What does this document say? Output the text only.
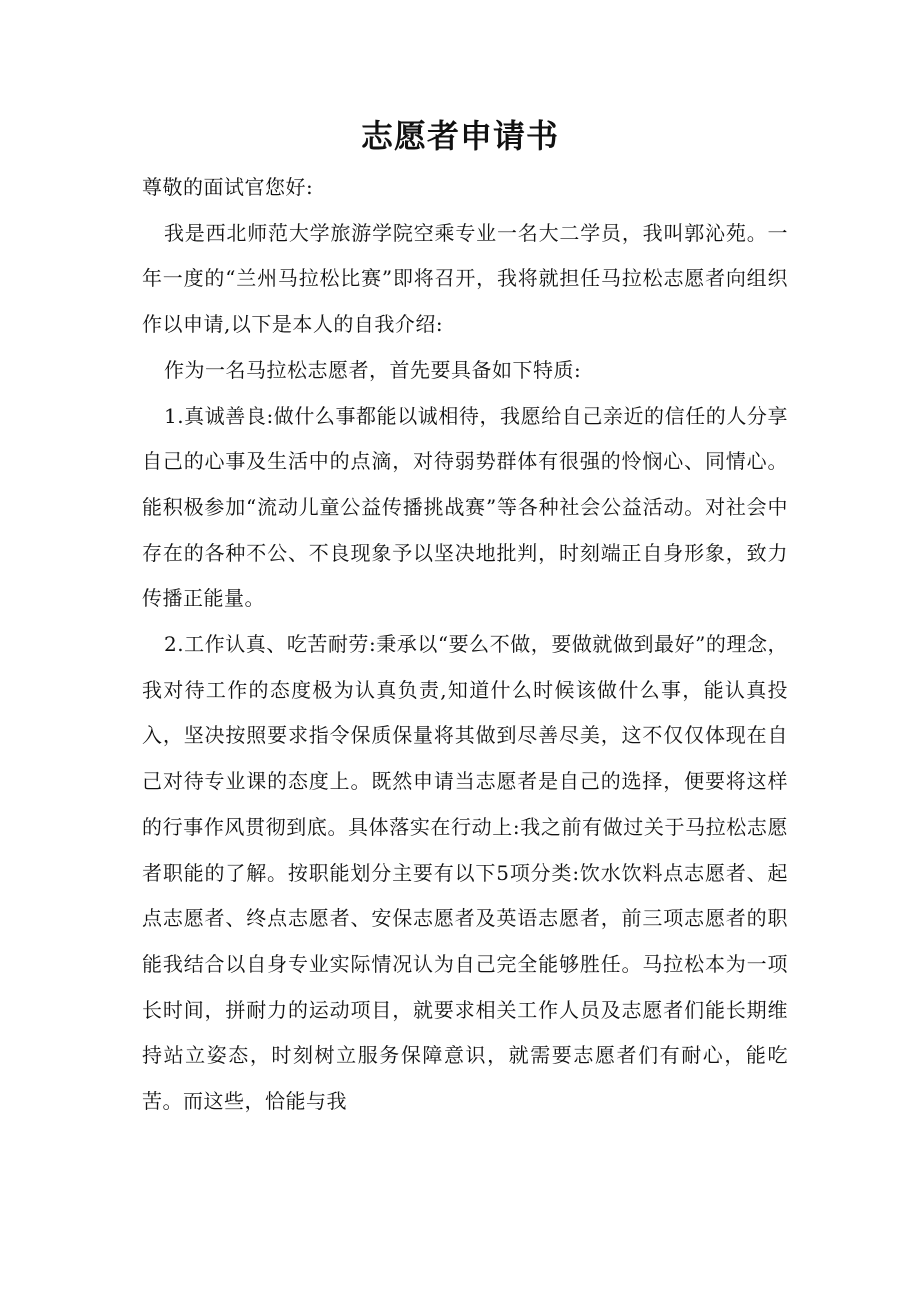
志愿者申请书

尊敬的面试官您好:

我是西北师范大学旅游学院空乘专业一名大二学员，我叫郭沁苑。一年一度的“兰州马拉松比赛”即将召开，我将就担任马拉松志愿者向组织作以申请,以下是本人的自我介绍:

作为一名马拉松志愿者，首先要具备如下特质:

1.真诚善良:做什么事都能以诚相待，我愿给自己亲近的信任的人分享自己的心事及生活中的点滴，对待弱势群体有很强的怜悯心、同情心。能积极参加“流动儿童公益传播挑战赛”等各种社会公益活动。对社会中存在的各种不公、不良现象予以坚决地批判，时刻端正自身形象，致力传播正能量。

2.工作认真、吃苦耐劳:秉承以“要么不做，要做就做到最好”的理念，我对待工作的态度极为认真负责,知道什么时候该做什么事，能认真投入，坚决按照要求指令保质保量将其做到尽善尽美，这不仅仅体现在自己对待专业课的态度上。既然申请当志愿者是自己的选择，便要将这样的行事作风贯彻到底。具体落实在行动上:我之前有做过关于马拉松志愿者职能的了解。按职能划分主要有以下5项分类:饮水饮料点志愿者、起点志愿者、终点志愿者、安保志愿者及英语志愿者，前三项志愿者的职能我结合以自身专业实际情况认为自己完全能够胜任。马拉松本为一项长时间，拼耐力的运动项目，就要求相关工作人员及志愿者们能长期维持站立姿态，时刻树立服务保障意识，就需要志愿者们有耐心，能吃苦。而这些，恰能与我
